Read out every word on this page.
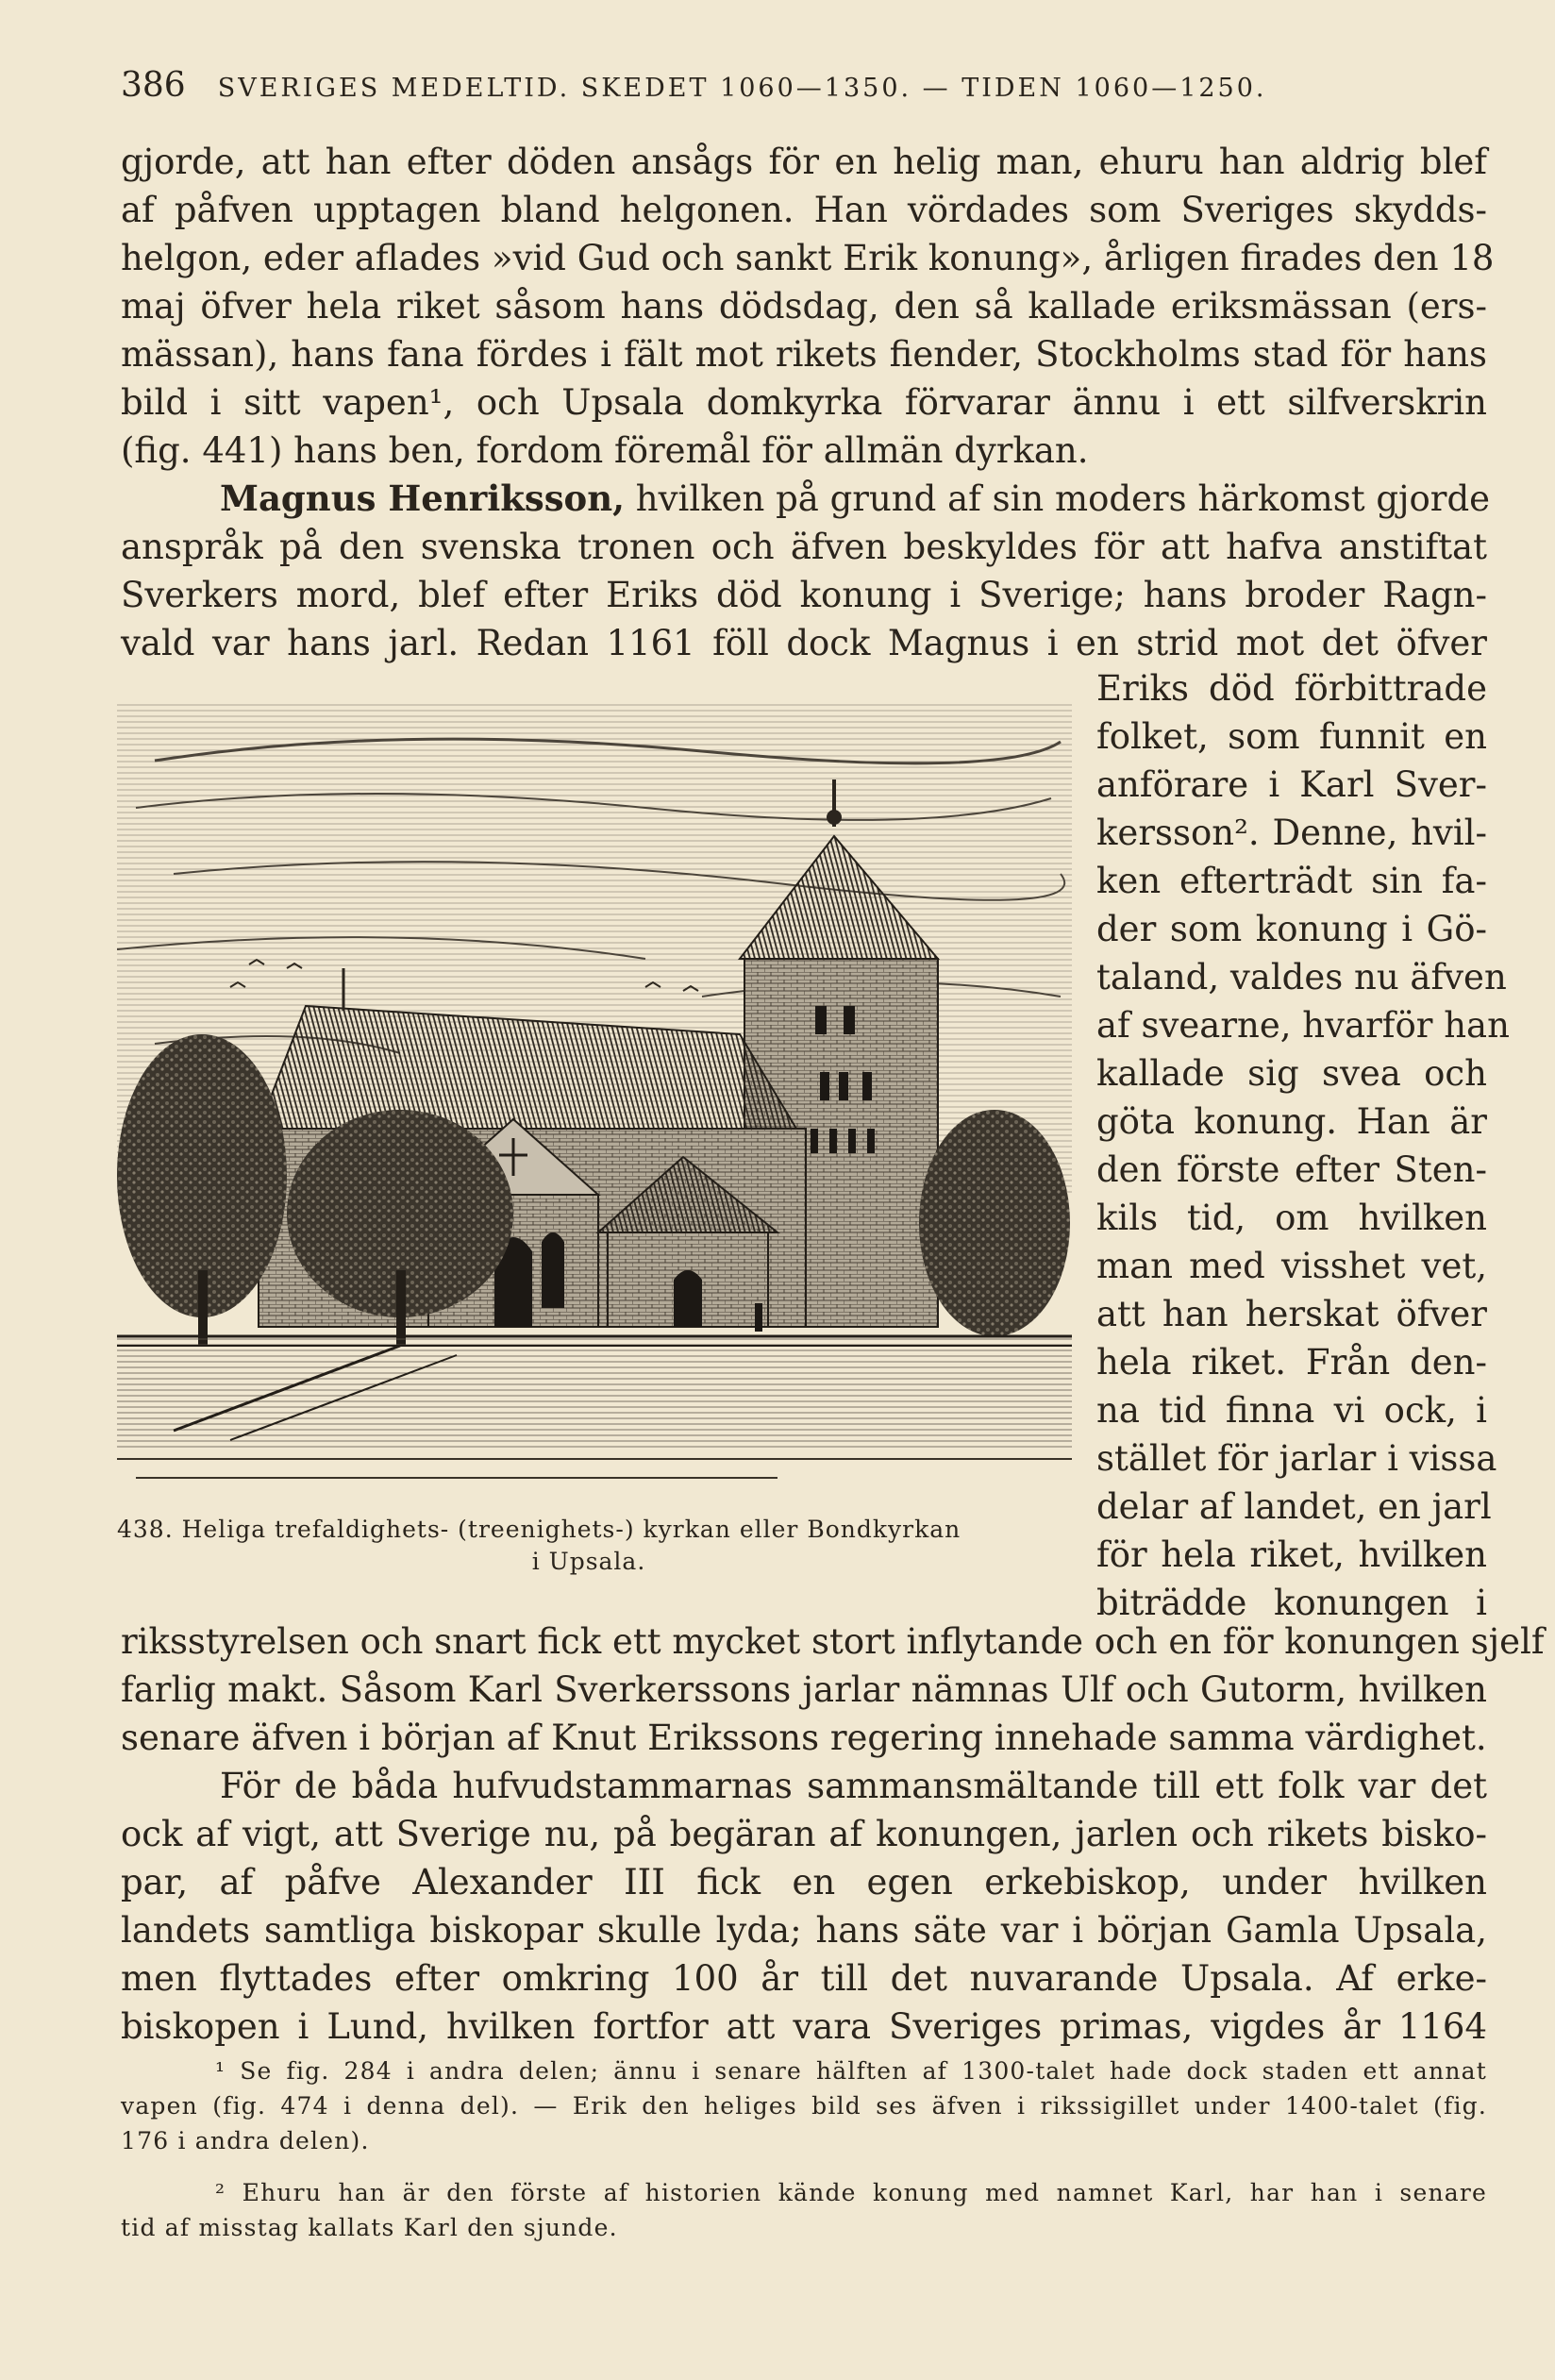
386 SVERIGES MEDELTID. SKEDET 1060—1350. — TIDEN 1060—1250.
gjorde, att han efter döden ansågs för en helig man, ehuru han aldrig blef
af påfven upptagen bland helgonen. Han vördades som Sveriges skydds-
helgon, eder aflades »vid Gud och sankt Erik konung», årligen firades den 18
maj öfver hela riket såsom hans dödsdag, den så kallade eriksmässan (ers-
mässan), hans fana fördes i fält mot rikets fiender, Stockholms stad för hans
bild i sitt vapen¹, och Upsala domkyrka förvarar ännu i ett silfverskrin
(fig. 441) hans ben, fordom föremål för allmän dyrkan.
Magnus Henriksson, hvilken på grund af sin moders härkomst gjorde
anspråk på den svenska tronen och äfven beskyldes för att hafva anstiftat
Sverkers mord, blef efter Eriks död konung i Sverige; hans broder Ragn-
vald var hans jarl. Redan 1161 föll dock Magnus i en strid mot det öfver
438. Heliga trefaldighets- (treenighets-) kyrkan eller Bondkyrkan
i Upsala.
Eriks död förbittrade
folket, som funnit en
anförare i Karl Sver-
kersson². Denne, hvil-
ken efterträdt sin fa-
der som konung i Gö-
taland, valdes nu äfven
af svearne, hvarför han
kallade sig svea och
göta konung. Han är
den förste efter Sten-
kils tid, om hvilken
man med visshet vet,
att han herskat öfver
hela riket. Från den-
na tid finna vi ock, i
stället för jarlar i vissa
delar af landet, en jarl
för hela riket, hvilken
biträdde konungen i
riksstyrelsen och snart fick ett mycket stort inflytande och en för konungen sjelf
farlig makt. Såsom Karl Sverkerssons jarlar nämnas Ulf och Gutorm, hvilken
senare äfven i början af Knut Erikssons regering innehade samma värdighet.
För de båda hufvudstammarnas sammansmältande till ett folk var det
ock af vigt, att Sverige nu, på begäran af konungen, jarlen och rikets bisko-
par, af påfve Alexander III fick en egen erkebiskop, under hvilken
landets samtliga biskopar skulle lyda; hans säte var i början Gamla Upsala,
men flyttades efter omkring 100 år till det nuvarande Upsala. Af erke-
biskopen i Lund, hvilken fortfor att vara Sveriges primas, vigdes år 1164
¹ Se fig. 284 i andra delen; ännu i senare hälften af 1300-talet hade dock staden ett annat
vapen (fig. 474 i denna del). — Erik den heliges bild ses äfven i rikssigillet under 1400-talet (fig.
176 i andra delen).
² Ehuru han är den förste af historien kände konung med namnet Karl, har han i senare
tid af misstag kallats Karl den sjunde.
